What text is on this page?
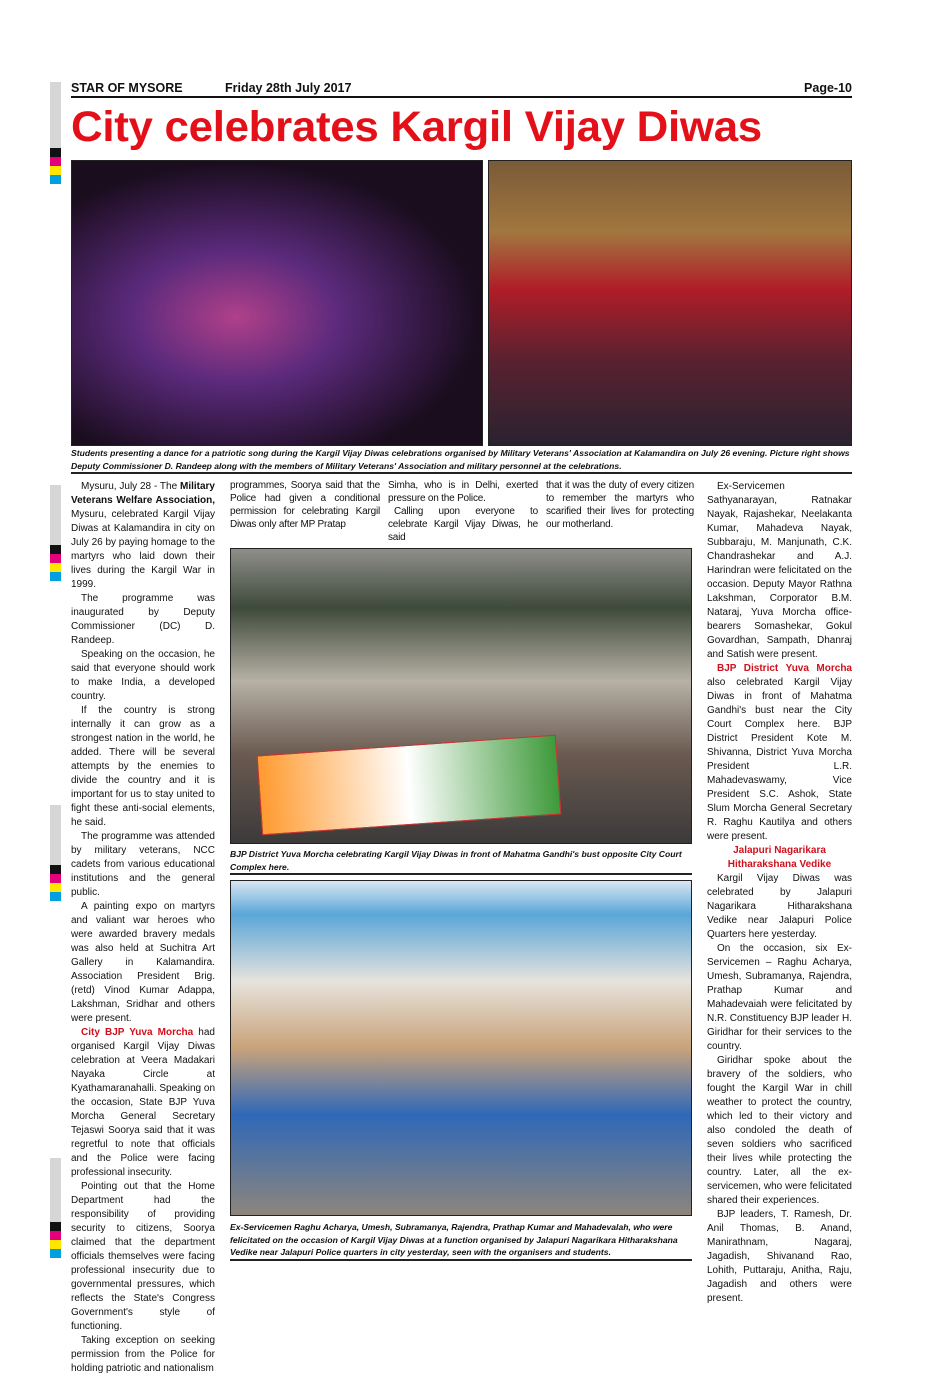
STAR OF MYSORE	Friday 28th July 2017	Page-10
City celebrates Kargil Vijay Diwas
Students presenting a dance for a patriotic song during the Kargil Vijay Diwas celebrations organised by Military Veterans' Association at Kalamandira on July 26 evening. Picture right shows Deputy Commissioner D. Randeep along with the members of Military Veterans' Association and military personnel at the celebrations.

Mysuru, July 28 - The Military Veterans Welfare Association, Mysuru, celebrated Kargil Vijay Diwas at Kalamandira in city on July 26 by paying homage to the martyrs who laid down their lives during the Kargil War in 1999.

The programme was inaugurated by Deputy Commissioner (DC) D. Randeep.

Speaking on the occasion, he said that everyone should work to make India, a developed country.

If the country is strong internally it can grow as a strongest nation in the world, he added. There will be several attempts by the enemies to divide the country and it is important for us to stay united to fight these anti-social elements, he said.

The programme was attended by military veterans, NCC cadets from various educational institutions and the general public.

A painting expo on martyrs and valiant war heroes who were awarded bravery medals was also held at Suchitra Art Gallery in Kalamandira. Association President Brig. (retd) Vinod Kumar Adappa, Lakshman, Sridhar and others were present.

City BJP Yuva Morcha had organised Kargil Vijay Diwas celebration at Veera Madakari Nayaka Circle at Kyathamaranahalli. Speaking on the occasion, State BJP Yuva Morcha General Secretary Tejaswi Soorya said that it was regretful to note that officials and the Police were facing professional insecurity.

Pointing out that the Home Department had the responsibility of providing security to citizens, Soorya claimed that the department officials themselves were facing professional insecurity due to governmental pressures, which reflects the State's Congress Government's style of functioning.

Taking exception on seeking permission from the Police for holding patriotic and nationalism

programmes, Soorya said that the Police had given a conditional permission for celebrating Kargil Diwas only after MP Pratap

Simha, who is in Delhi, exerted pressure on the Police.

Calling upon everyone to celebrate Kargil Vijay Diwas, he said

that it was the duty of every citizen to remember the martyrs who scarified their lives for protecting our motherland.

BJP District Yuva Morcha celebrating Kargil Vijay Diwas in front of Mahatma Gandhi's bust opposite City Court Complex here.
Ex-Servicemen Raghu Acharya, Umesh, Subramanya, Rajendra, Prathap Kumar and Mahadevalah, who were felicitated on the occasion of Kargil Vijay Diwas at a function organised by Jalapuri Nagarikara Hitharakshana Vedike near Jalapuri Police quarters in city yesterday, seen with the organisers and students.

Ex-Servicemen Sathyanarayan, Ratnakar Nayak, Rajashekar, Neelakanta Kumar, Mahadeva Nayak, Subbaraju, M. Manjunath, C.K. Chandrashekar and A.J. Harindran were felicitated on the occasion. Deputy Mayor Rathna Lakshman, Corporator B.M. Nataraj, Yuva Morcha office-bearers Somashekar, Gokul Govardhan, Sampath, Dhanraj and Satish were present.

BJP District Yuva Morcha also celebrated Kargil Vijay Diwas in front of Mahatma Gandhi's bust near the City Court Complex here. BJP District President Kote M. Shivanna, District Yuva Morcha President L.R. Mahadevaswamy, Vice President S.C. Ashok, State Slum Morcha General Secretary R. Raghu Kautilya and others were present.

Jalapuri Nagarikara

Hitharakshana Vedike

Kargil Vijay Diwas was celebrated by Jalapuri Nagarikara Hitharakshana Vedike near Jalapuri Police Quarters here yesterday.

On the occasion, six Ex-Servicemen – Raghu Acharya, Umesh, Subramanya, Rajendra, Prathap Kumar and Mahadevaiah were felicitated by N.R. Constituency BJP leader H. Giridhar for their services to the country.

Giridhar spoke about the bravery of the soldiers, who fought the Kargil War in chill weather to protect the country, which led to their victory and also condoled the death of seven soldiers who sacrificed their lives while protecting the country. Later, all the ex-servicemen, who were felicitated shared their experiences.

BJP leaders, T. Ramesh, Dr. Anil Thomas, B. Anand, Manirathnam, Nagaraj, Jagadish, Shivanand Rao, Lohith, Puttaraju, Anitha, Raju, Jagadish and others were present.
